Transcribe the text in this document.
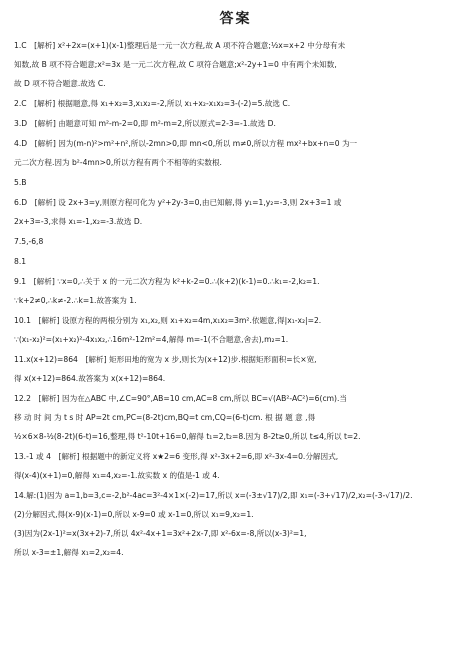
答案

1.C　[解析] x²+2x=(x+1)(x-1)整理后是一元一次方程,故 A 项不符合题意;½x=x+2 中分母有未

知数,故 B 项不符合题意;x²=3x 是一元二次方程,故 C 项符合题意;x²-2y+1=0 中有两个未知数,

故 D 项不符合题意.故选 C.

2.C　[解析] 根据题意,得 x₁+x₂=3,x₁x₂=-2,所以 x₁+x₂-x₁x₂=3-(-2)=5.故选 C.

3.D　[解析] 由题意可知 m²-m-2=0,即 m²-m=2,所以原式=2-3=-1.故选 D.

4.D　[解析] 因为(m-n)²>m²+n²,所以-2mn>0,即 mn<0,所以 m≠0,所以方程 mx²+bx+n=0 为一

元二次方程.因为 b²-4mn>0,所以方程有两个不相等的实数根.

5.B

6.D　[解析] 设 2x+3=y,则原方程可化为 y²+2y-3=0,由已知解,得 y₁=1,y₂=-3,则 2x+3=1 或

2x+3=-3,求得 x₁=-1,x₂=-3.故选 D.

7.5,-6,8

8.1

9.1　[解析] ∵x=0,∴关于 x 的一元二次方程为 k²+k-2=0.∴(k+2)(k-1)=0.∴k₁=-2,k₂=1.

∵k+2≠0,∴k≠-2.∴k=1.故答案为 1.

10.1　[解析] 设原方程的两根分别为 x₁,x₂,则 x₁+x₂=4m,x₁x₂=3m².依题意,得|x₁-x₂|=2.

∵(x₁-x₂)²=(x₁+x₂)²-4x₁x₂,∴16m²-12m²=4,解得 m=-1(不合题意,舍去),m₂=1.

11.x(x+12)=864　[解析] 矩形田地的宽为 x 步,则长为(x+12)步.根据矩形面积=长×宽,

得 x(x+12)=864.故答案为 x(x+12)=864.

12.2　[解析] 因为在△ABC 中,∠C=90°,AB=10 cm,AC=8 cm,所以 BC=√(AB²-AC²)=6(cm).当

移 动 时 间 为 t s 时 AP=2t cm,PC=(8-2t)cm,BQ=t cm,CQ=(6-t)cm. 根 据 题 意 ,得

½×6×8-½(8-2t)(6-t)=16,整理,得 t²-10t+16=0,解得 t₁=2,t₂=8.因为 8-2t≥0,所以 t≤4,所以 t=2.

13.-1 或 4　[解析] 根据题中的新定义将 x★2=6 变形,得 x²-3x+2=6,即 x²-3x-4=0.分解因式,

得(x-4)(x+1)=0,解得 x₁=4,x₂=-1.故实数 x 的值是-1 或 4.

14.解:(1)因为 a=1,b=3,c=-2,b²-4ac=3²-4×1×(-2)=17,所以 x=(-3±√17)/2,即 x₁=(-3+√17)/2,x₂=(-3-√17)/2.

(2)分解因式,得(x-9)(x-1)=0,所以 x-9=0 或 x-1=0,所以 x₁=9,x₂=1.

(3)因为(2x-1)²=x(3x+2)-7,所以 4x²-4x+1=3x²+2x-7,即 x²-6x=-8,所以(x-3)²=1,

所以 x-3=±1,解得 x₁=2,x₂=4.
